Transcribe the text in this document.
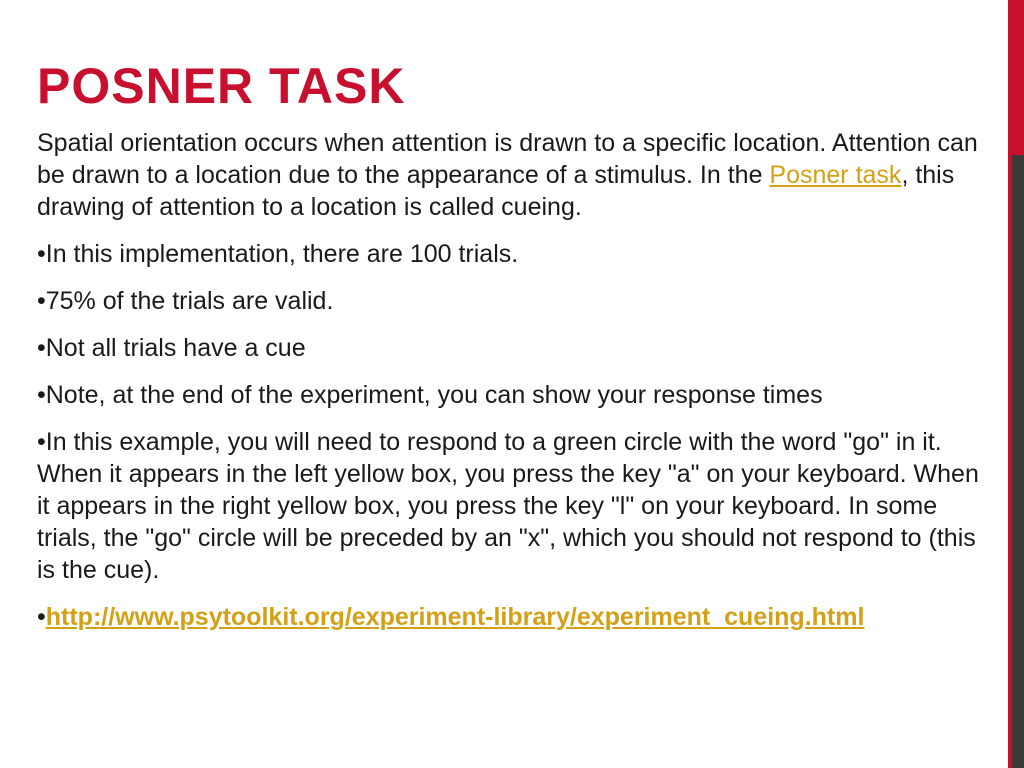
POSNER TASK

Spatial orientation occurs when attention is drawn to a specific location. Attention can be drawn to a location due to the appearance of a stimulus. In the Posner task, this drawing of attention to a location is called cueing.

•In this implementation, there are 100 trials.

•75% of the trials are valid.

•Not all trials have a cue

•Note, at the end of the experiment, you can show your response times

•In this example, you will need to respond to a green circle with the word "go" in it. When it appears in the left yellow box, you press the key "a" on your keyboard. When it appears in the right yellow box, you press the key "l" on your keyboard. In some trials, the "go" circle will be preceded by an "x", which you should not respond to (this is the cue).

•http://www.psytoolkit.org/experiment-library/experiment_cueing.html
